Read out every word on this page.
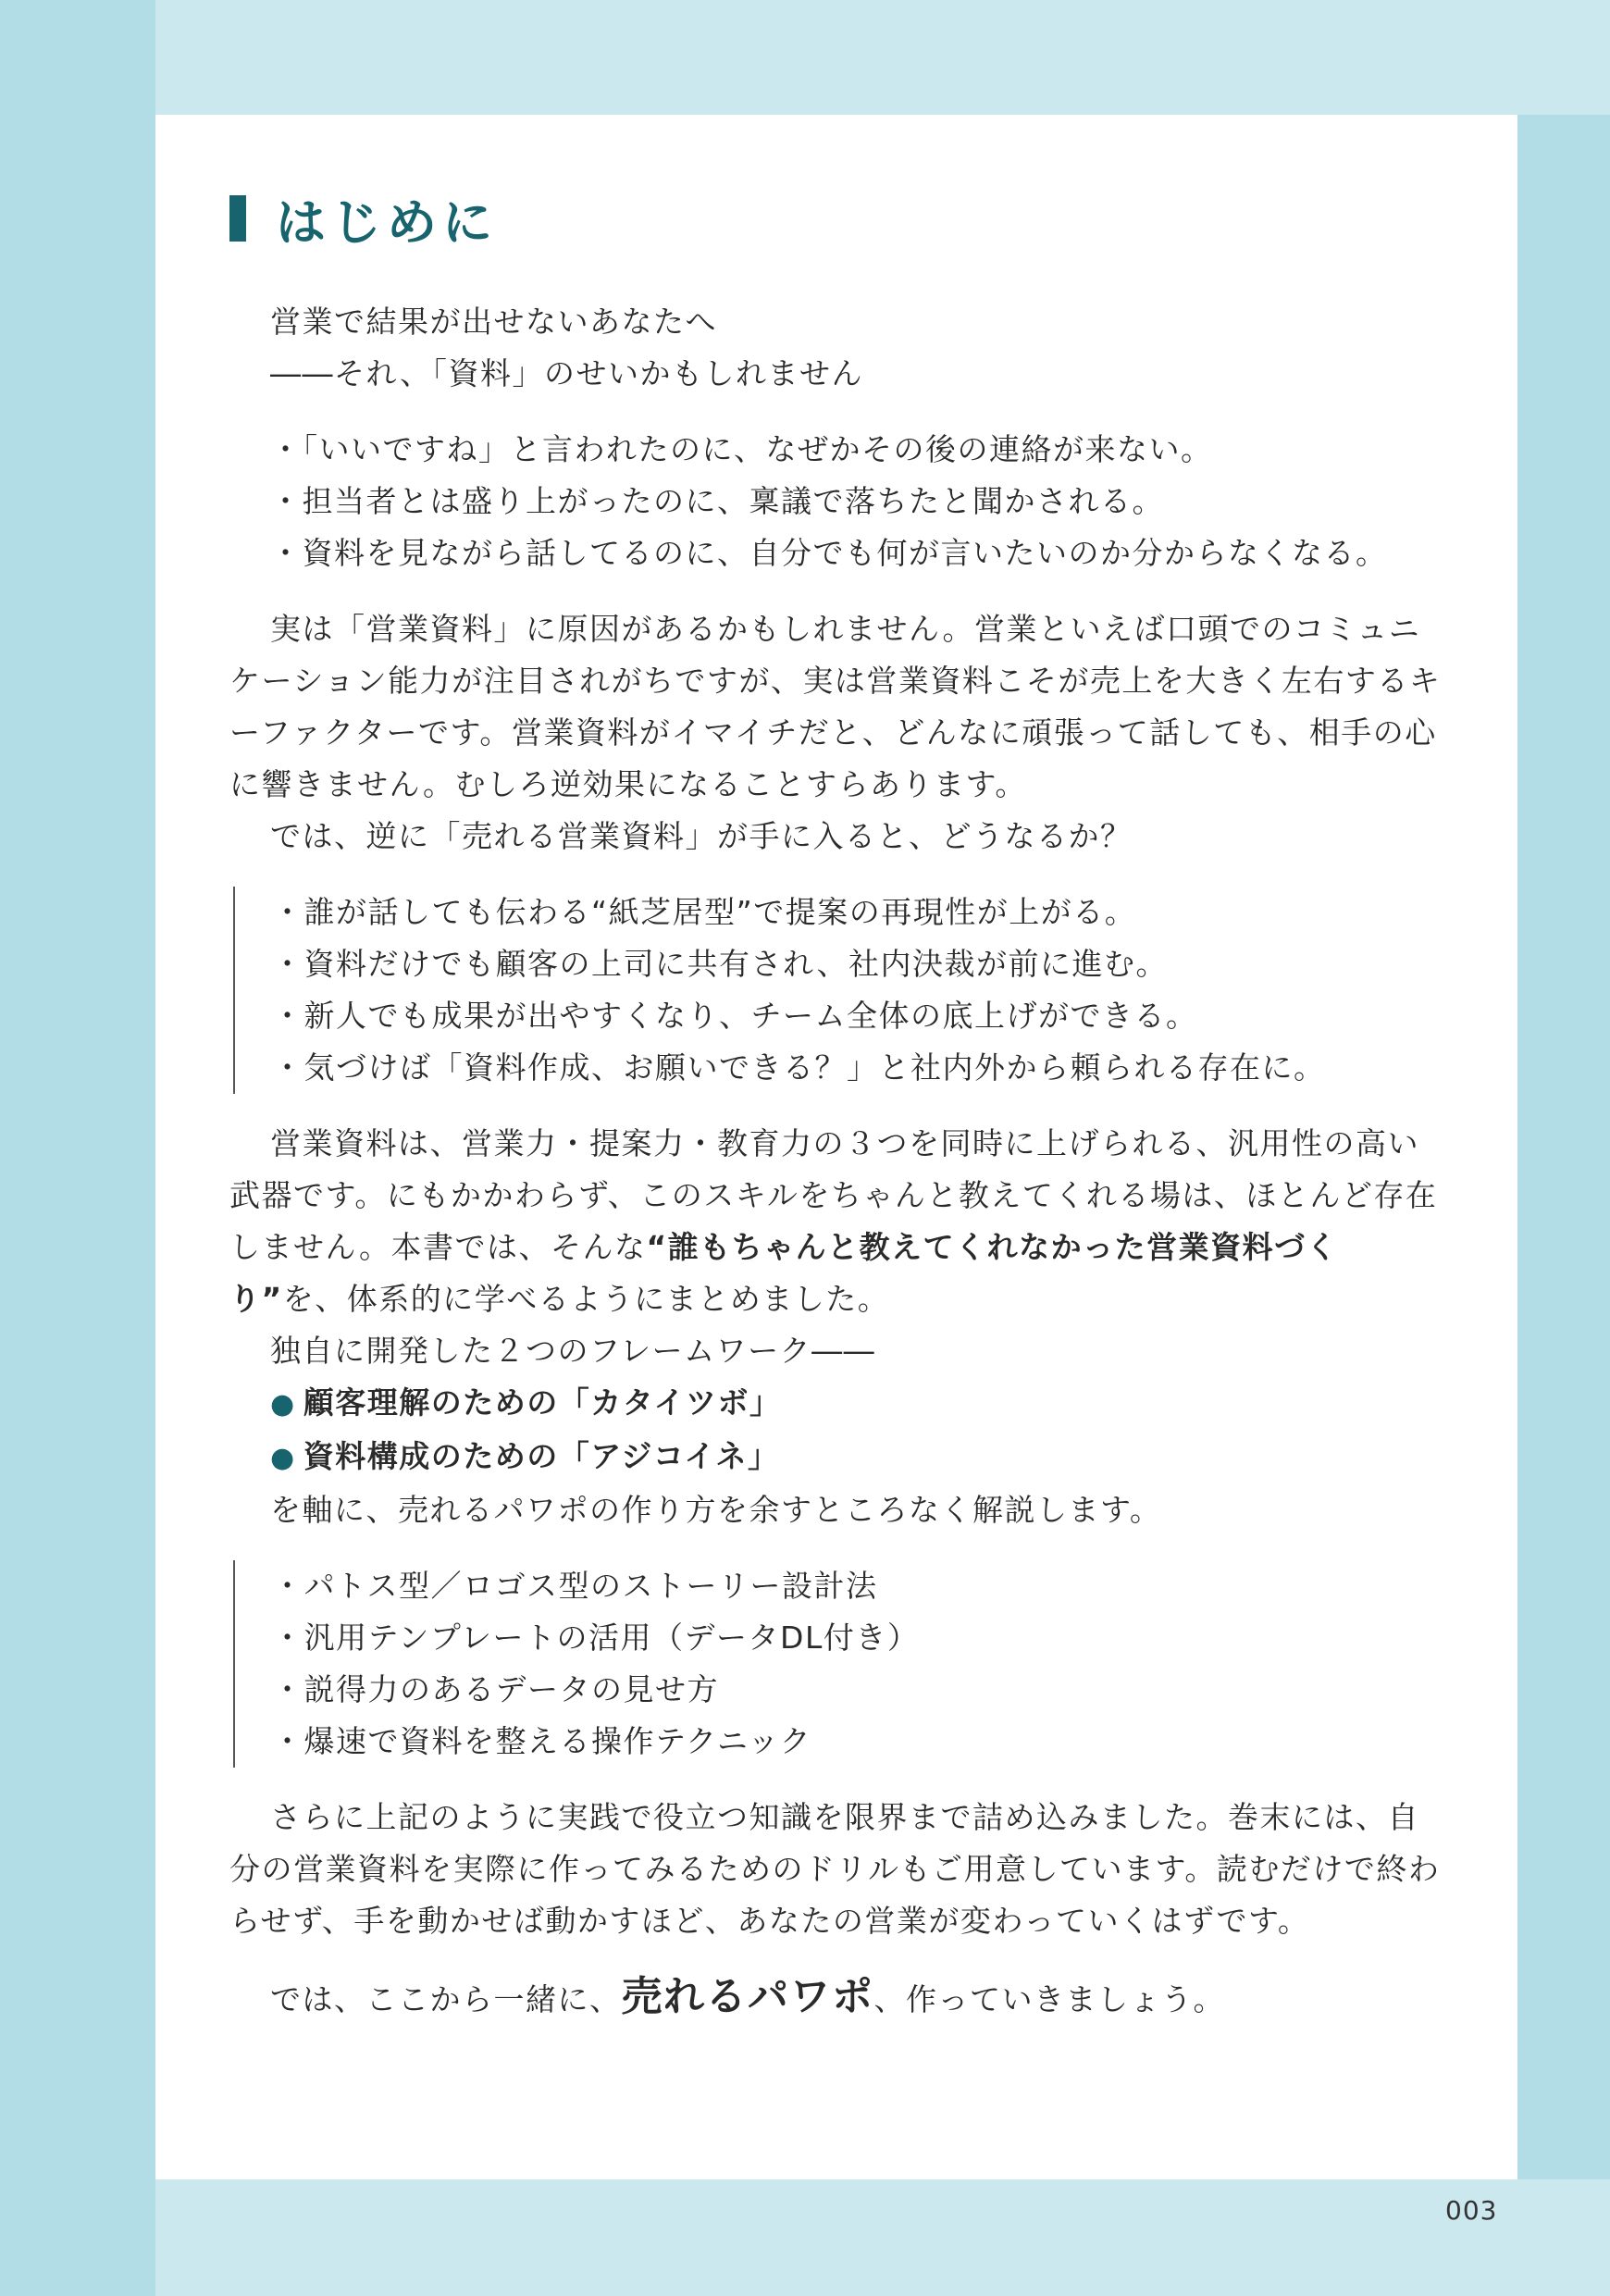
はじめに
営業で結果が出せないあなたへ
――それ、「資料」のせいかもしれません
・「いいですね」と言われたのに、なぜかその後の連絡が来ない。
・担当者とは盛り上がったのに、稟議で落ちたと聞かされる。
・資料を見ながら話してるのに、自分でも何が言いたいのか分からなくなる。

実は「営業資料」に原因があるかもしれません。営業といえば口頭でのコミュニケーション能力が注目されがちですが、実は営業資料こそが売上を大きく左右するキーファクターです。営業資料がイマイチだと、どんなに頑張って話しても、相手の心に響きません。むしろ逆効果になることすらあります。

では、逆に「売れる営業資料」が手に入ると、どうなるか？

・誰が話しても伝わる“紙芝居型”で提案の再現性が上がる。
・資料だけでも顧客の上司に共有され、社内決裁が前に進む。
・新人でも成果が出やすくなり、チーム全体の底上げができる。
・気づけば「資料作成、お願いできる？」と社内外から頼られる存在に。

営業資料は、営業力・提案力・教育力の３つを同時に上げられる、汎用性の高い武器です。にもかかわらず、このスキルをちゃんと教えてくれる場は、ほとんど存在しません。本書では、そんな“誰もちゃんと教えてくれなかった営業資料づくり”を、体系的に学べるようにまとめました。

独自に開発した２つのフレームワーク――
● 顧客理解のための「カタイツボ」
● 資料構成のための「アジコイネ」
を軸に、売れるパワポの作り方を余すところなく解説します。
・パトス型／ロゴス型のストーリー設計法
・汎用テンプレートの活用（データDL付き）
・説得力のあるデータの見せ方
・爆速で資料を整える操作テクニック

さらに上記のように実践で役立つ知識を限界まで詰め込みました。巻末には、自分の営業資料を実際に作ってみるためのドリルもご用意しています。読むだけで終わらせず、手を動かせば動かすほど、あなたの営業が変わっていくはずです。

では、ここから一緒に、売れるパワポ、作っていきましょう。
003
